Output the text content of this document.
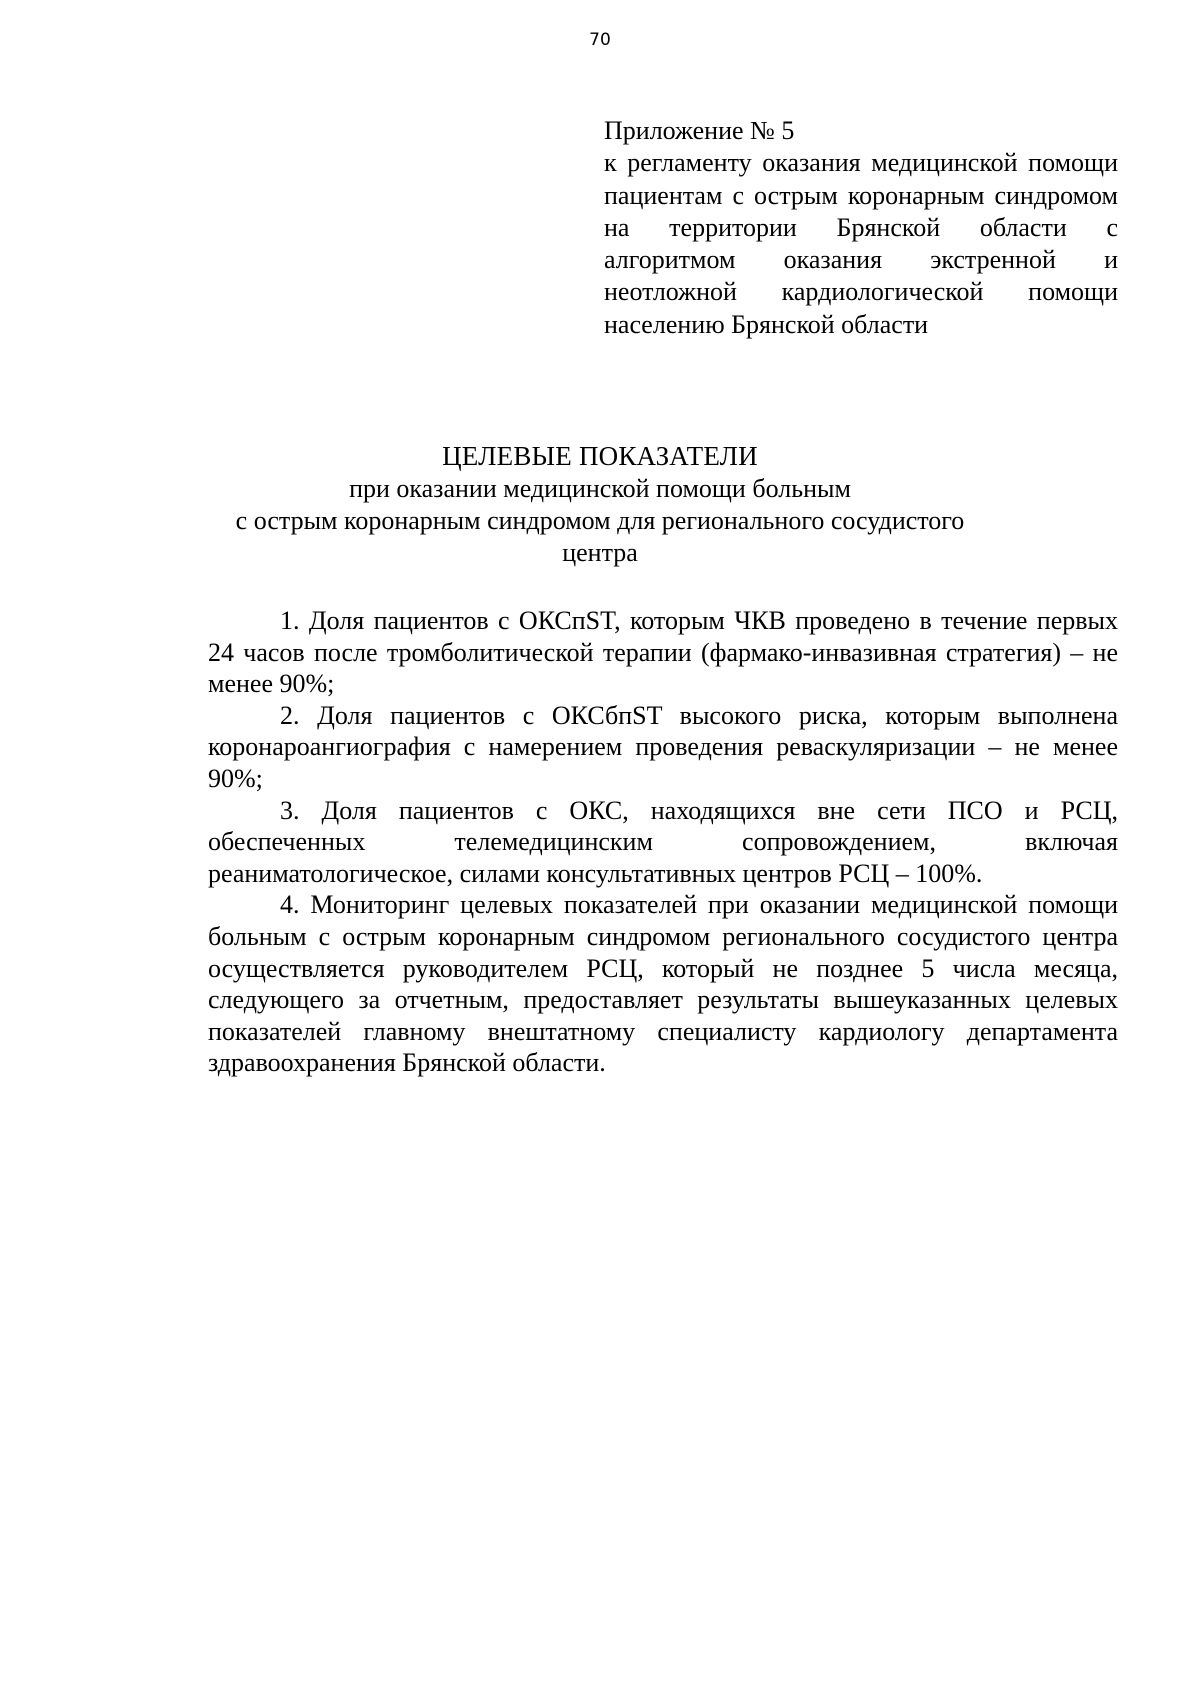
70
Приложение № 5
к регламенту оказания медицинской помощи пациентам с острым коронарным синдромом на территории Брянской области с алгоритмом оказания экстренной и неотложной кардиологической помощи населению Брянской области
ЦЕЛЕВЫЕ ПОКАЗАТЕЛИ
при оказании медицинской помощи больным
с острым коронарным синдромом для регионального сосудистого
центра

1. Доля пациентов с ОКСпST, которым ЧКВ проведено в течение первых 24 часов после тромболитической терапии (фармако-инвазивная стратегия) – не менее 90%;

2. Доля пациентов с ОКСбпST высокого риска, которым выполнена коронароангиография с намерением проведения реваскуляризации – не менее 90%;

3. Доля пациентов с ОКС, находящихся вне сети ПСО и РСЦ, обеспеченных телемедицинским сопровождением, включая реаниматологическое, силами консультативных центров РСЦ – 100%.

4. Мониторинг целевых показателей при оказании медицинской помощи больным с острым коронарным синдромом регионального сосудистого центра осуществляется руководителем РСЦ, который не позднее 5 числа месяца, следующего за отчетным, предоставляет результаты вышеуказанных целевых показателей главному внештатному специалисту кардиологу департамента здравоохранения Брянской области.
